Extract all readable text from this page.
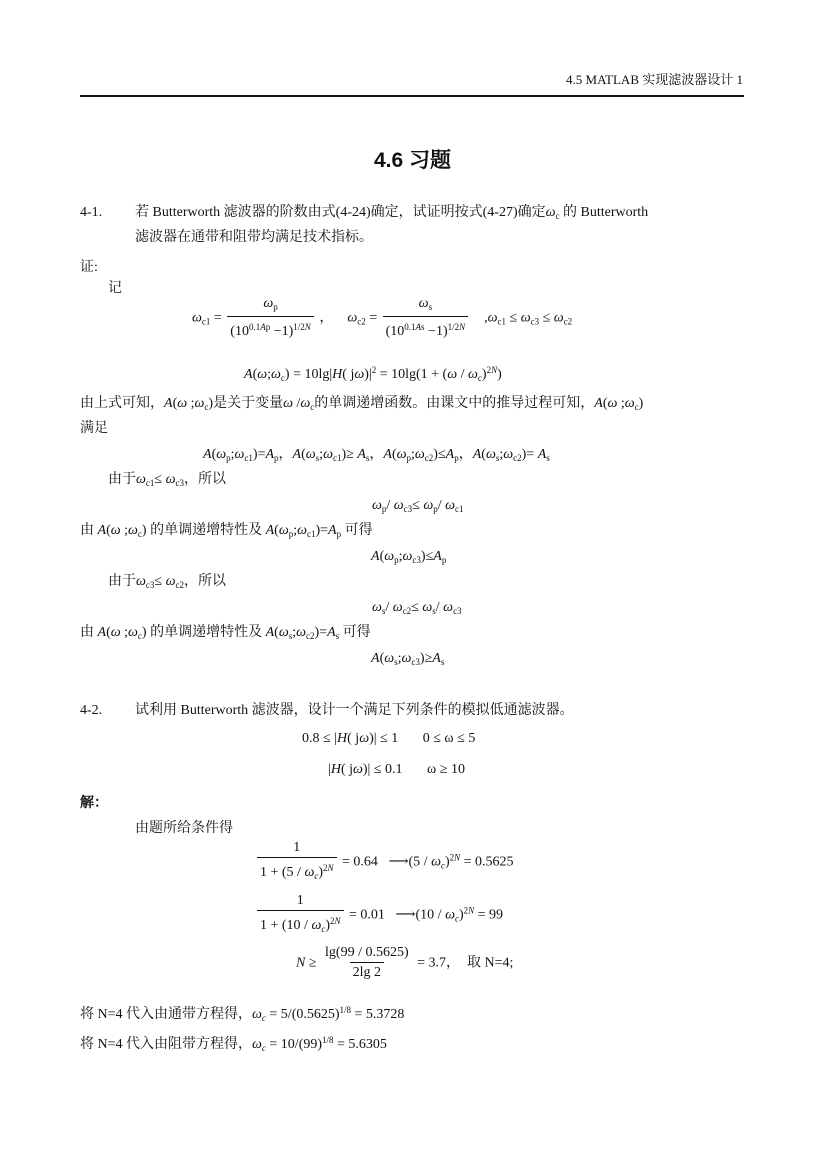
4.5 MATLAB 实现滤波器设计 1
4.6 习题
4-1. 若 Butterworth 滤波器的阶数由式(4-24)确定，试证明按式(4-27)确定$\omega_c$ 的 Butterworth
滤波器在通带和阻带均满足技术指标。
证:
记
$\omega_{c1} = \frac{\omega_p}{(10^{0.1Ap} -1)^{1/2N}}$ ，    $\omega_{c2} = \frac{\omega_s}{(10^{0.1As} -1)^{1/2N}} ,\omega_{c1} \le \omega_{c3} \le \omega_{c2}$
$A(\omega;\omega_c) = 10\lg|H$( $j\omega)|^2 = 10\lg(1 + (\omega / \omega_c)^{2N})$
由上式可知，A(ω $;\omega_c$)是关于变量ω $/\omega_c$的单调递增函数。由课文中的推导过程可知，A(ω $;\omega_c$)
满足
$A(\omega_p;\omega_{c1})=A_p$，$A(\omega_s;\omega_{c1})\ge A_s$，$A(\omega_p;\omega_{c2})\le A_p$，$A(\omega_s;\omega_{c2})= A_s$
由于$\omega_{c1}\le \omega_{c3}$，所以
$\omega_p/$ $\omega_{c3}\le \omega_p/$ $\omega_{c1}$
由 A(ω $;\omega_c$) 的单调递增特性及 $A(\omega_p;\omega_{c1})=A_p$ 可得
$A(\omega_p;\omega_{c3})\le A_p$
由于$\omega_{c3}\le \omega_{c2}$，所以
$\omega_s/$ $\omega_{c2}\le \omega_s/$ $\omega_{c3}$
由 A(ω $;\omega_c$) 的单调递增特性及 $A(\omega_s;\omega_{c2})=A_s$ 可得
$A(\omega_s;\omega_{c3})\ge A_s$
4-2. 试利用 Butterworth 滤波器，设计一个满足下列条件的模拟低通滤波器。
0.8 ≤ |H( jω)| ≤ 1 0 ≤ ω ≤ 5
|H( jω)| ≤ 0.1 ω ≥ 10
解：
由题所给条件得
$\frac{1}{1 + (5 / \omega_c)^{2N}} = 0.64$   ⟶(5 / $\omega_c)^{2N} = 0.5625$
$\frac{1}{1 + (10 / \omega_c)^{2N}} = 0.01$   ⟶(10 / $\omega_c)^{2N} = 99$
$N \ge \frac{\lg(99 / 0.5625)}{2\lg 2} = 3.7$， 取 N=4;
将 N=4 代入由通带方程得，$\omega_c = 5/(0.5625)^{1/8} = 5.3728$
将 N=4 代入由阻带方程得，$\omega_c = 10/(99)^{1/8} = 5.6305$
